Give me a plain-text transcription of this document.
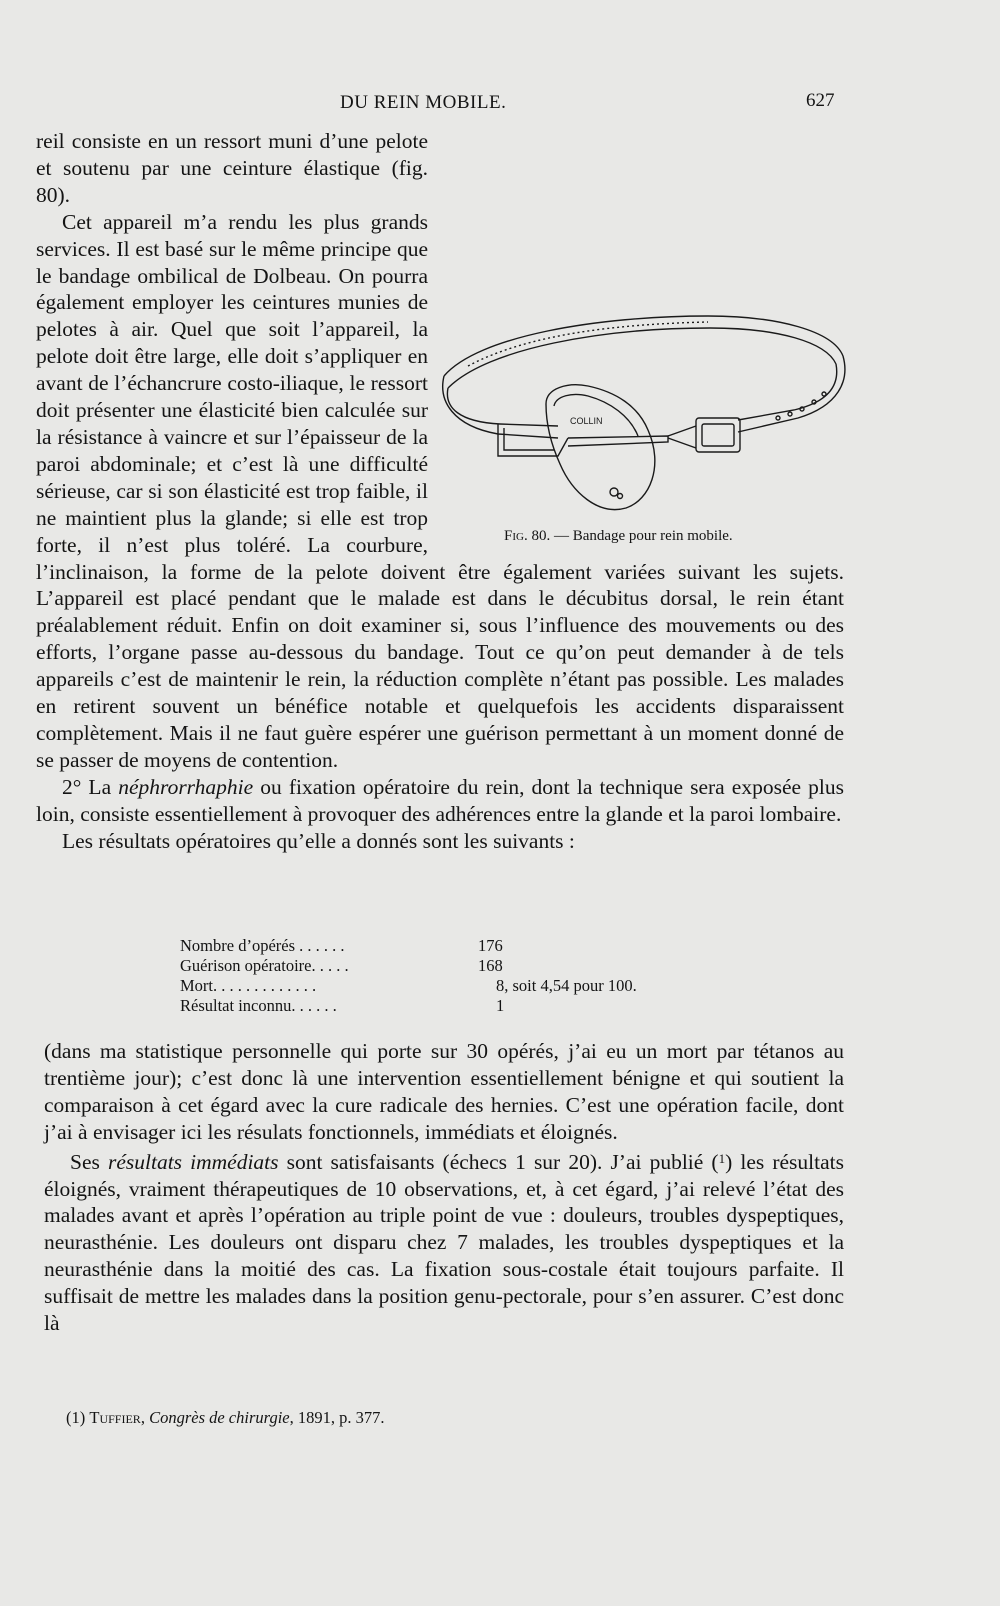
DU REIN MOBILE.	627

reil consiste en un ressort muni d’une pelote et soutenu par une ceinture élastique (fig. 80).

Cet appareil m’a rendu les plus grands services. Il est basé sur le même principe que le bandage ombilical de Dolbeau. On pourra également employer les ceintures munies de pelotes à air. Quel que soit l’appareil, la pelote doit être large, elle doit s’appliquer en avant de l’échancrure costo-iliaque, le ressort doit présenter une élasticité bien calculée sur la résistance à vaincre et sur l’épaisseur de la paroi abdominale; et c’est là une difficulté sérieuse, car si son élasticité est trop faible, il ne maintient plus la glande; si elle est trop forte, il n’est plus toléré. La courbure, l’inclinaison, la forme de la pelote doivent être également variées suivant les sujets. L’appareil est placé pendant que le malade est dans le décubitus dorsal, le rein étant préalablement réduit. Enfin on doit examiner si, sous l’influence des mouvements ou des efforts, l’organe passe au-dessous du bandage. Tout ce qu’on peut demander à de tels appareils c’est de maintenir le rein, la réduction complète n’étant pas possible. Les malades en retirent souvent un bénéfice notable et quelquefois les accidents disparaissent complètement. Mais il ne faut guère espérer une guérison permettant à un moment donné de se passer de moyens de contention.

2° La néphrorrhaphie ou fixation opératoire du rein, dont la technique sera exposée plus loin, consiste essentiellement à provoquer des adhérences entre la glande et la paroi lombaire.

Les résultats opératoires qu’elle a donnés sont les suivants :

COLLIN
Fig. 80. — Bandage pour rein mobile.
Nombre d’opérés . . . . . .	176
Guérison opératoire. . . . .	168
Mort. . . . . . . . . . . . .	8, soit 4,54 pour 100.
Résultat inconnu. . . . . .	1

(dans ma statistique personnelle qui porte sur 30 opérés, j’ai eu un mort par tétanos au trentième jour); c’est donc là une intervention essentiellement bénigne et qui soutient la comparaison à cet égard avec la cure radicale des hernies. C’est une opération facile, dont j’ai à envisager ici les résulats fonctionnels, immédiats et éloignés.

Ses résultats immédiats sont satisfaisants (échecs 1 sur 20). J’ai publié ($^1$) les résultats éloignés, vraiment thérapeutiques de 10 observations, et, à cet égard, j’ai relevé l’état des malades avant et après l’opération au triple point de vue : douleurs, troubles dyspeptiques, neurasthénie. Les douleurs ont disparu chez 7 malades, les troubles dyspeptiques et la neurasthénie dans la moitié des cas. La fixation sous-costale était toujours parfaite. Il suffisait de mettre les malades dans la position genu-pectorale, pour s’en assurer. C’est donc là

(1) Tuffier, Congrès de chirurgie, 1891, p. 377.
